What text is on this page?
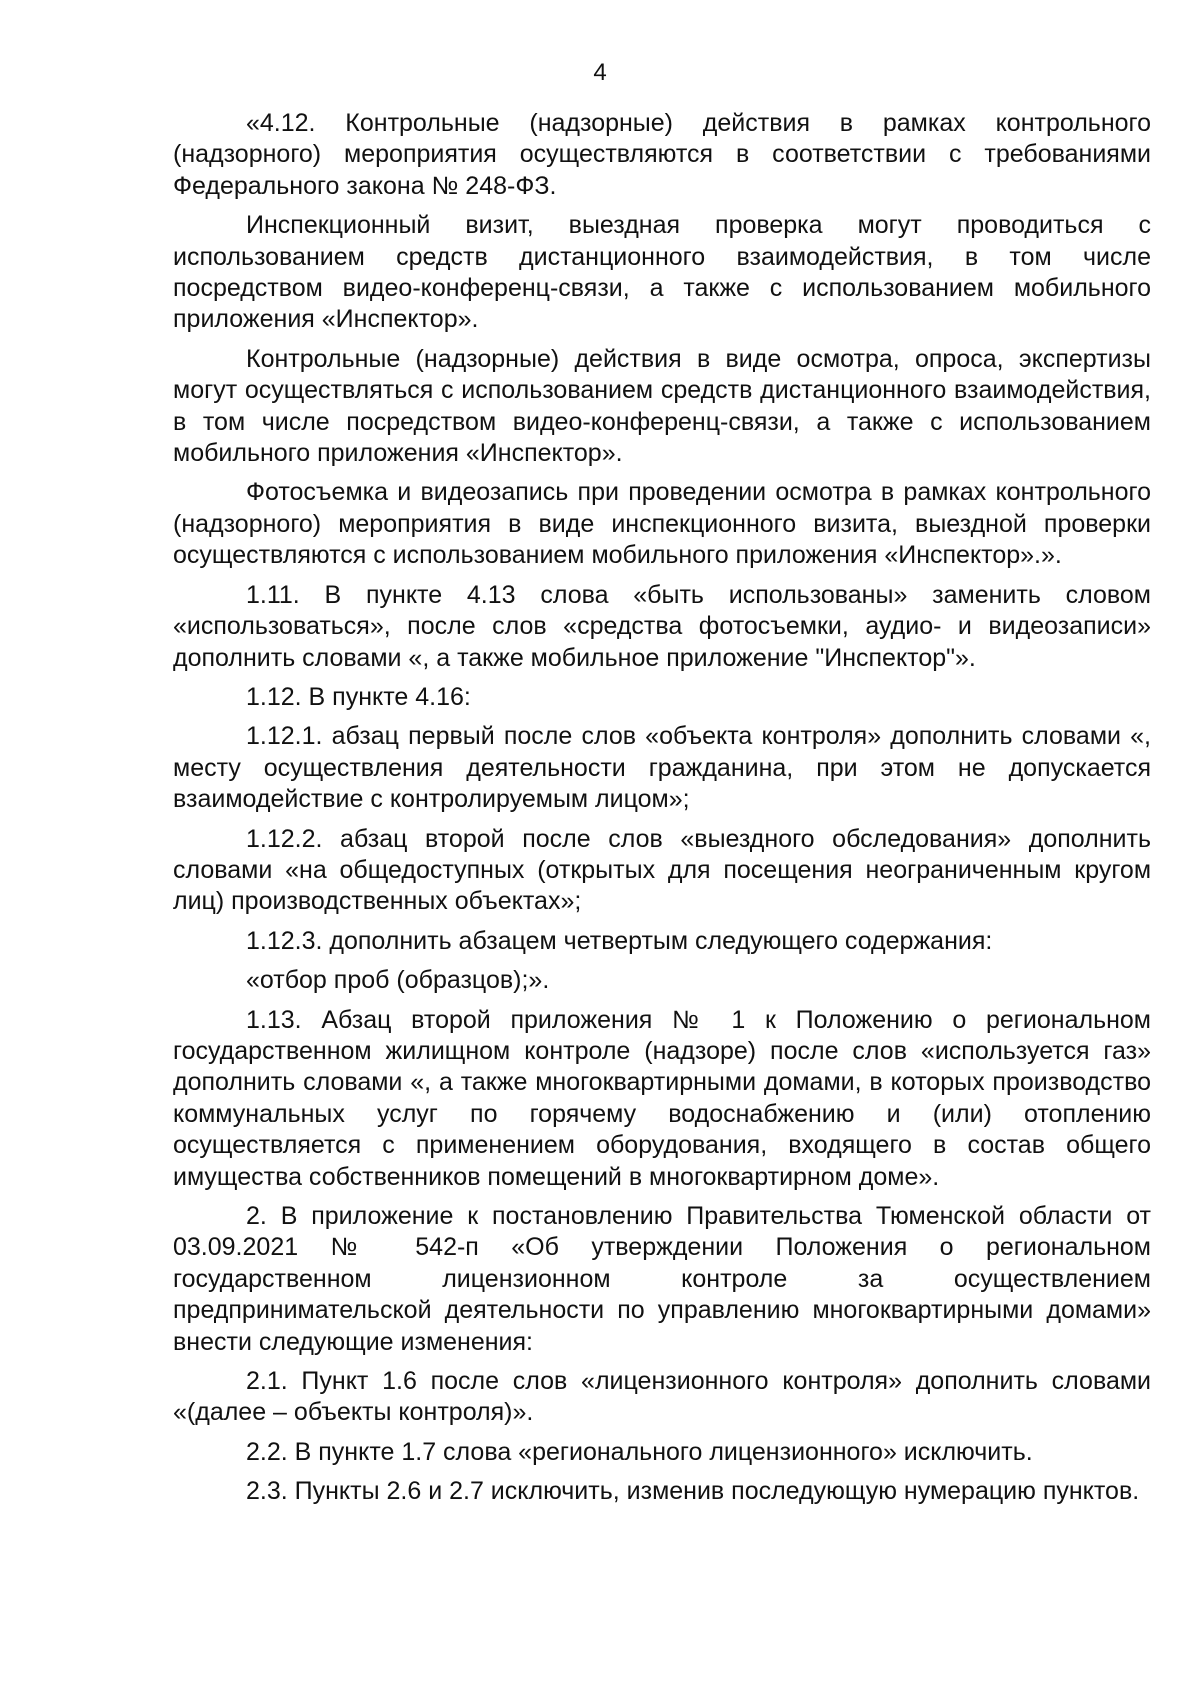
4

«4.12. Контрольные (надзорные) действия в рамках контрольного (надзорного) мероприятия осуществляются в соответствии с требованиями Федерального закона № 248-ФЗ.

Инспекционный визит, выездная проверка могут проводиться с использованием средств дистанционного взаимодействия, в том числе посредством видео-конференц-связи, а также с использованием мобильного приложения «Инспектор».

Контрольные (надзорные) действия в виде осмотра, опроса, экспертизы могут осуществляться с использованием средств дистанционного взаимодействия, в том числе посредством видео-конференц-связи, а также с использованием мобильного приложения «Инспектор».

Фотосъемка и видеозапись при проведении осмотра в рамках контрольного (надзорного) мероприятия в виде инспекционного визита, выездной проверки осуществляются с использованием мобильного приложения «Инспектор».».

1.11. В пункте 4.13 слова «быть использованы» заменить словом «использоваться», после слов «средства фотосъемки, аудио- и видеозаписи» дополнить словами «, а также мобильное приложение "Инспектор"».

1.12. В пункте 4.16:

1.12.1. абзац первый после слов «объекта контроля» дополнить словами «, месту осуществления деятельности гражданина, при этом не допускается взаимодействие с контролируемым лицом»;

1.12.2. абзац второй после слов «выездного обследования» дополнить словами «на общедоступных (открытых для посещения неограниченным кругом лиц) производственных объектах»;

1.12.3. дополнить абзацем четвертым следующего содержания:

«отбор проб (образцов);».

1.13. Абзац второй приложения № 1 к Положению о региональном государственном жилищном контроле (надзоре) после слов «используется газ» дополнить словами «, а также многоквартирными домами, в которых производство коммунальных услуг по горячему водоснабжению и (или) отоплению осуществляется с применением оборудования, входящего в состав общего имущества собственников помещений в многоквартирном доме».

2. В приложение к постановлению Правительства Тюменской области от 03.09.2021 № 542-п «Об утверждении Положения о региональном государственном лицензионном контроле за осуществлением предпринимательской деятельности по управлению многоквартирными домами» внести следующие изменения:

2.1. Пункт 1.6 после слов «лицензионного контроля» дополнить словами «(далее – объекты контроля)».

2.2. В пункте 1.7 слова «регионального лицензионного» исключить.

2.3. Пункты 2.6 и 2.7 исключить, изменив последующую нумерацию пунктов.
